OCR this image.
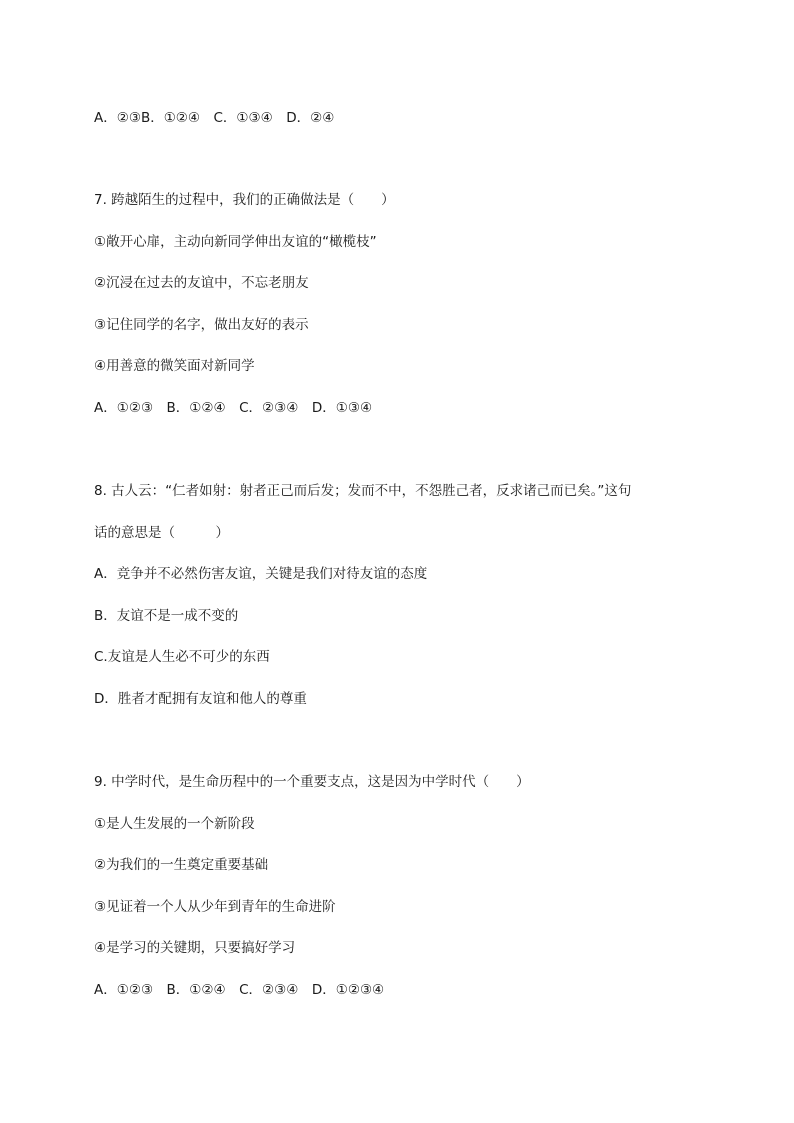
A．②③B．①②④　C．①③④　D．②④
7. 跨越陌生的过程中，我们的正确做法是（　　）
①敞开心扉，主动向新同学伸出友谊的“橄榄枝”
②沉浸在过去的友谊中，不忘老朋友
③记住同学的名字，做出友好的表示
④用善意的微笑面对新同学
A．①②③　B．①②④　C．②③④　D．①③④
8. 古人云：“仁者如射：射者正己而后发；发而不中，不怨胜己者，反求诸己而已矣。”这句
话的意思是（　　　）
A．竞争并不必然伤害友谊，关键是我们对待友谊的态度
B．友谊不是一成不变的
C.友谊是人生必不可少的东西
D．胜者才配拥有友谊和他人的尊重
9. 中学时代，是生命历程中的一个重要支点，这是因为中学时代（　　）
①是人生发展的一个新阶段
②为我们的一生奠定重要基础
③见证着一个人从少年到青年的生命进阶
④是学习的关键期，只要搞好学习
A．①②③　B．①②④　C．②③④　D．①②③④
